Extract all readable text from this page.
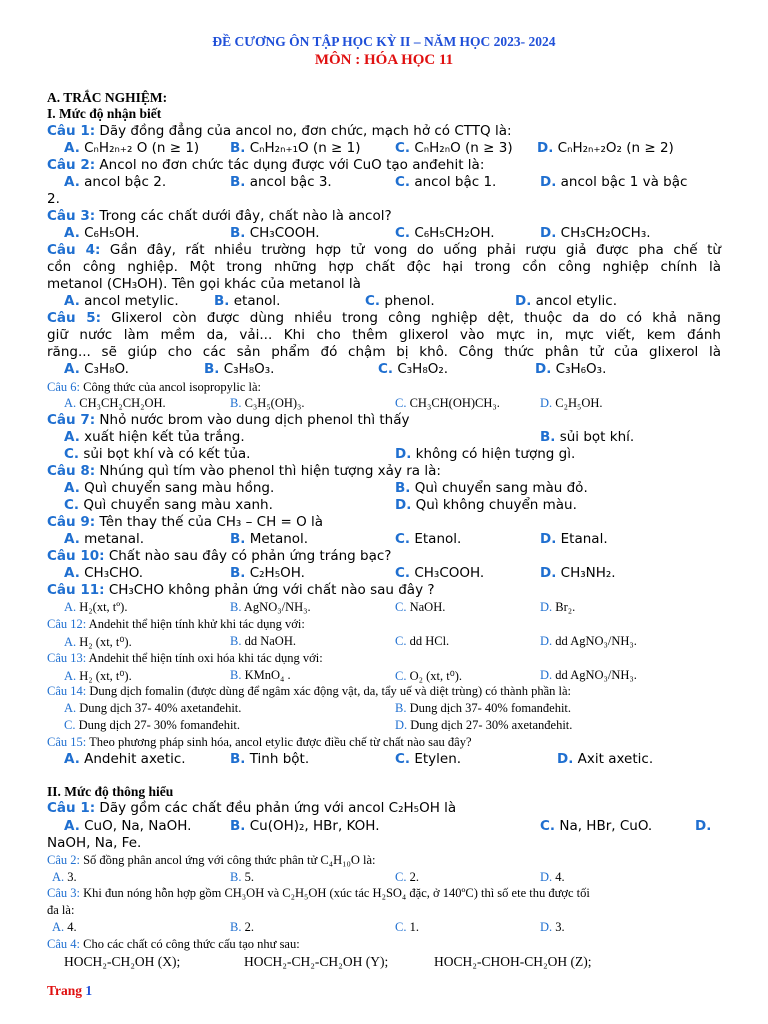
ĐỀ CƯƠNG ÔN TẬP HỌC KỲ II – NĂM HỌC 2023- 2024
MÔN : HÓA HỌC 11
A. TRẮC NGHIỆM:
I. Mức độ nhận biết
Câu 1: Dãy đồng đẳng của ancol no, đơn chức, mạch hở có CTTQ là:
A. CₙH₂ₙ₊₂ O (n ≥ 1) B. CₙH₂ₙ₊₁O (n ≥ 1)	C. CₙH₂ₙO (n ≥ 3) D. CₙH₂ₙ₊₂O₂ (n ≥ 2)
Câu 2: Ancol no đơn chức tác dụng được với CuO tạo anđehit là:
A. ancol bậc 2.	B. ancol bậc 3.	C. ancol bậc 1.	D. ancol bậc 1 và bậc
2.
Câu 3: Trong các chất dưới đây, chất nào là ancol?
A. C₆H₅OH.	B. CH₃COOH.	C. C₆H₅CH₂OH.	D. CH₃CH₂OCH₃.
Câu 4: Gần đây, rất nhiều trường hợp tử vong do uống phải rượu giả được pha chế từ
cồn công nghiệp. Một trong những hợp chất độc hại trong cồn công nghiệp chính là
metanol (CH₃OH). Tên gọi khác của metanol là
A. ancol metylic.	B. etanol.	C. phenol.	D. ancol etylic.
Câu 5: Glixerol còn được dùng nhiều trong công nghiệp dệt, thuộc da do có khả năng
giữ nước làm mềm da, vải... Khi cho thêm glixerol vào mực in, mực viết, kem đánh
răng... sẽ giúp cho các sản phẩm đó chậm bị khô. Công thức phân tử của glixerol là
A. C₃H₈O.	B. C₃H₈O₃.	C. C₃H₈O₂.	D. C₃H₆O₃.
Câu 6: Công thức của ancol isopropylic là:
A. CH₃CH₂CH₂OH.	B. C₃H₅(OH)₃.	C. CH₃CH(OH)CH₃.	D. C₂H₅OH.
Câu 7: Nhỏ nước brom vào dung dịch phenol thì thấy
A. xuất hiện kết tủa trắng.	B. sủi bọt khí.
C. sủi bọt khí và có kết tủa.	D. không có hiện tượng gì.
Câu 8: Nhúng quì tím vào phenol thì hiện tượng xảy ra là:
A. Quì chuyển sang màu hồng.	B. Quì chuyển sang màu đỏ.
C. Quì chuyển sang màu xanh.	D. Quì không chuyển màu.
Câu 9: Tên thay thế của CH₃ – CH = O là
A. metanal.	B. Metanol.	C. Etanol.	D. Etanal.
Câu 10: Chất nào sau đây có phản ứng tráng bạc?
A. CH₃CHO.	B. C₂H₅OH.	C. CH₃COOH.	D. CH₃NH₂.
Câu 11: CH₃CHO không phản ứng với chất nào sau đây ?
A. H₂(xt, tº).	B. AgNO₃/NH₃.	C. NaOH.	D. Br₂.
Câu 12: Andehit thể hiện tính khử khi tác dụng với:
A. H₂ (xt, t⁰).	B. dd NaOH.	C. dd HCl.	D. dd AgNO₃/NH₃.
Câu 13: Andehit thể hiện tính oxi hóa khi tác dụng với:
A. H₂ (xt, t⁰).	B. KMnO₄ .	C. O₂ (xt, t⁰).	D. dd AgNO₃/NH₃.
Câu 14: Dung dịch fomalin (được dùng để ngâm xác động vật, da, tẩy uế và diệt trùng) có thành phần là:
A. Dung dịch 37- 40% axetanđehit.	B. Dung dịch 37- 40% fomanđehit.
C. Dung dịch 27- 30% fomanđehit.	D. Dung dịch 27- 30% axetanđehit.
Câu 15: Theo phương pháp sinh hóa, ancol etylic được điều chế từ chất nào sau đây?
A. Andehit axetic.	B. Tinh bột.	C. Etylen.	D. Axit axetic.
II. Mức độ thông hiểu
Câu 1: Dãy gồm các chất đều phản ứng với ancol C₂H₅OH là
A. CuO, Na, NaOH.	B. Cu(OH)₂, HBr, KOH.	C. Na, HBr, CuO.	D.
NaOH, Na, Fe.
Câu 2: Số đồng phân ancol ứng với công thức phân tử C₄H₁₀O là:
A. 3.	B. 5.	C. 2.	D. 4.
Câu 3: Khi đun nóng hỗn hợp gồm CH₃OH và C₂H₅OH (xúc tác H₂SO₄ đặc, ở 140ºC) thì số ete thu được tối
đa là:
A. 4.	B. 2.	C. 1.	D. 3.
Câu 4: Cho các chất có công thức cấu tạo như sau:
HOCH₂-CH₂OH (X);	HOCH₂-CH₂-CH₂OH (Y);	HOCH₂-CHOH-CH₂OH (Z);
Trang 1
